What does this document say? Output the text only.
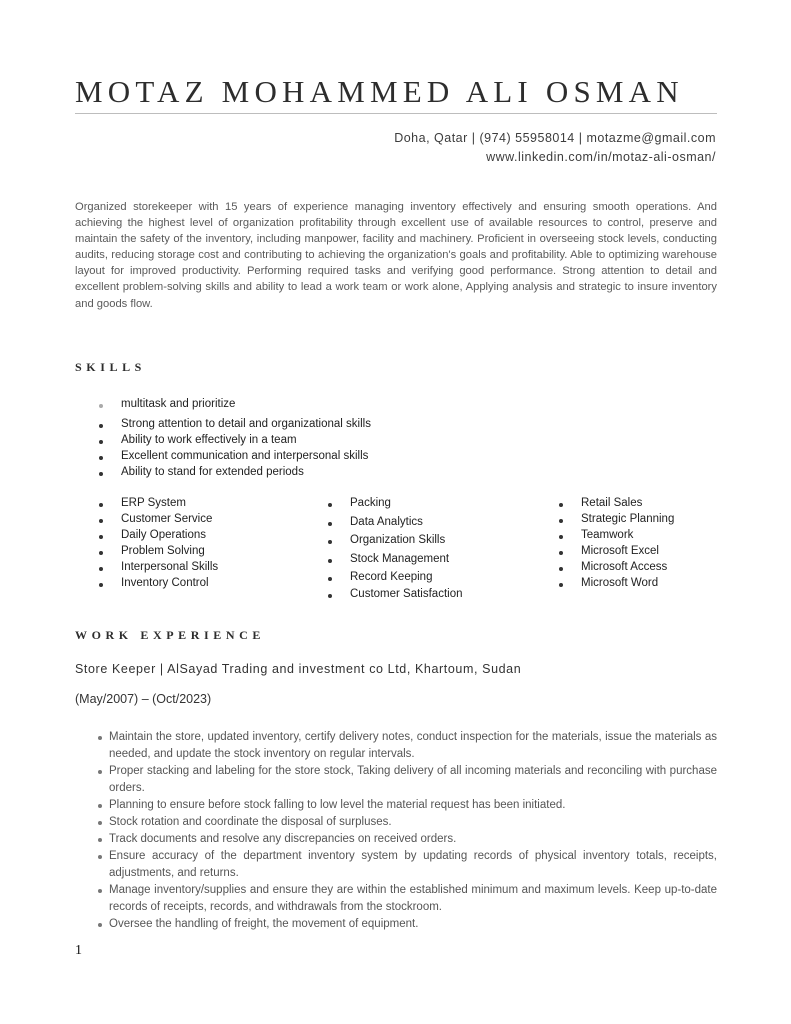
MOTAZ MOHAMMED ALI OSMAN
Doha, Qatar | (974) 55958014 | motazme@gmail.com
www.linkedin.com/in/motaz-ali-osman/

Organized storekeeper with 15 years of experience managing inventory effectively and ensuring smooth operations. And achieving the highest level of organization profitability through excellent use of available resources to control, preserve and maintain the safety of the inventory, including manpower, facility and machinery. Proficient in overseeing stock levels, conducting audits, reducing storage cost and contributing to achieving the organization's goals and profitability. Able to optimizing warehouse layout for improved productivity. Performing required tasks and verifying good performance. Strong attention to detail and excellent problem-solving skills and ability to lead a work team or work alone, Applying analysis and strategic to insure inventory and goods flow.

SKILLS
multitask and prioritize
Strong attention to detail and organizational skills
Ability to work effectively in a team
Excellent communication and interpersonal skills
Ability to stand for extended periods
ERP System
Customer Service
Daily Operations
Problem Solving
Interpersonal Skills
Inventory Control
Packing
Data Analytics
Organization Skills
Stock Management
Record Keeping
Customer Satisfaction
Retail Sales
Strategic Planning
Teamwork
Microsoft Excel
Microsoft Access
Microsoft Word
WORK EXPERIENCE
Store Keeper | AlSayad Trading and investment co Ltd, Khartoum, Sudan
(May/2007) – (Oct/2023)
Maintain the store, updated inventory, certify delivery notes, conduct inspection for the materials, issue the materials as needed, and update the stock inventory on regular intervals.
Proper stacking and labeling for the store stock, Taking delivery of all incoming materials and reconciling with purchase orders.
Planning to ensure before stock falling to low level the material request has been initiated.
Stock rotation and coordinate the disposal of surpluses.
Track documents and resolve any discrepancies on received orders.
Ensure accuracy of the department inventory system by updating records of physical inventory totals, receipts, adjustments, and returns.
Manage inventory/supplies and ensure they are within the established minimum and maximum levels. Keep up-to-date records of receipts, records, and withdrawals from the stockroom.
Oversee the handling of freight, the movement of equipment.
1
